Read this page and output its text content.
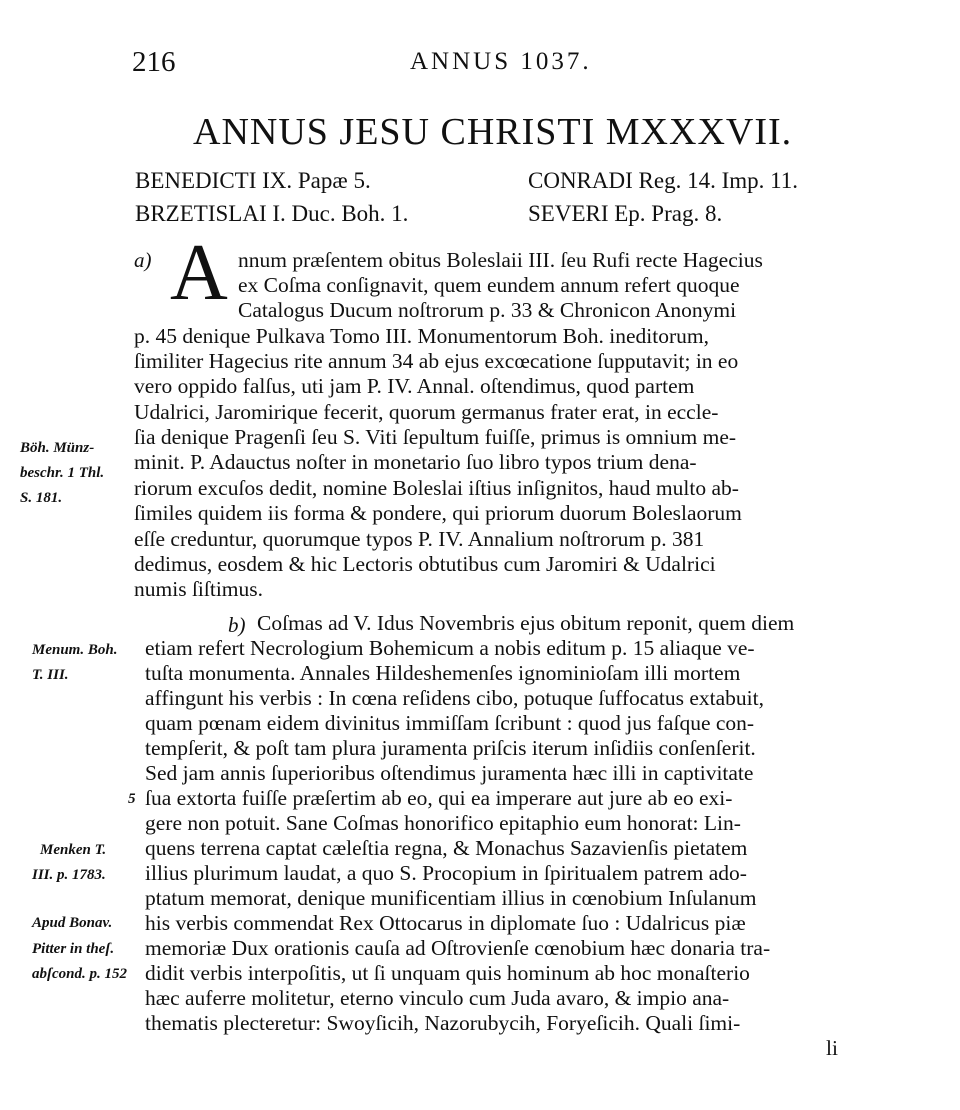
216	ANNUS 1037.
ANNUS JESU CHRISTI MXXXVII.
BENEDICTI IX. Papæ 5.	CONRADI Reg. 14. Imp. 11.
BRZETISLAI I. Duc. Boh. 1.	SEVERI Ep. Prag. 8.
a) A nnum præſentem obitus Boleslaii III. ſeu Rufi recte Hagecius
ex Coſma conſignavit, quem eundem annum refert quoque
Catalogus Ducum noſtrorum p. 33 & Chronicon Anonymi
p. 45 denique Pulkava Tomo III. Monumentorum Boh. ineditorum,
ſimiliter Hagecius rite annum 34 ab ejus excœcatione ſupputavit; in eo
vero oppido falſus, uti jam P. IV. Annal. oſtendimus, quod partem
Udalrici, Jaromirique fecerit, quorum germanus frater erat, in eccle-
ſia denique Pragenſi ſeu S. Viti ſepultum fuiſſe, primus is omnium me-
minit. P. Adauctus noſter in monetario ſuo libro typos trium dena-
riorum excuſos dedit, nomine Boleslai iſtius inſignitos, haud multo ab-
ſimiles quidem iis forma & pondere, qui priorum duorum Boleslaorum
eſſe creduntur, quorumque typos P. IV. Annalium noſtrorum p. 381
dedimus, eosdem & hic Lectoris obtutibus cum Jaromiri & Udalrici
numis ſiſtimus.
Böh. Münz-
beschr. 1 Thl.
S. 181.
b) Coſmas ad V. Idus Novembris ejus obitum reponit, quem diem
etiam refert Necrologium Bohemicum a nobis editum p. 15 aliaque ve-
tuſta monumenta. Annales Hildeshemenſes ignominioſam illi mortem
affingunt his verbis : In cœna reſidens cibo, potuque ſuffocatus extabuit,
quam pœnam eidem divinitus immiſſam ſcribunt : quod jus faſque con-
tempſerit, & poſt tam plura juramenta priſcis iterum inſidiis conſenſerit.
Sed jam annis ſuperioribus oſtendimus juramenta hæc illi in captivitate
ſua extorta fuiſſe præſertim ab eo, qui ea imperare aut jure ab eo exi-
gere non potuit. Sane Coſmas honorifico epitaphio eum honorat: Lin-
quens terrena captat cæleſtia regna, & Monachus Sazavienſis pietatem
illius plurimum laudat, a quo S. Procopium in ſpiritualem patrem ado-
ptatum memorat, denique munificentiam illius in cœnobium Inſulanum
his verbis commendat Rex Ottocarus in diplomate ſuo : Udalricus piæ
memoriæ Dux orationis cauſa ad Oſtrovienſe cœnobium hæc donaria tra-
didit verbis interpoſitis, ut ſi unquam quis hominum ab hoc monaſterio
hæc auferre molitetur, eterno vinculo cum Juda avaro, & impio ana-
thematis plecteretur: Swoyſicih, Nazorubycih, Foryeſicih. Quali ſimi-
li
Menum. Boh.
T. III.
5
Menken T.
III. p. 1783.
Apud Bonav.
Pitter in theſ.
abſcond. p. 152
